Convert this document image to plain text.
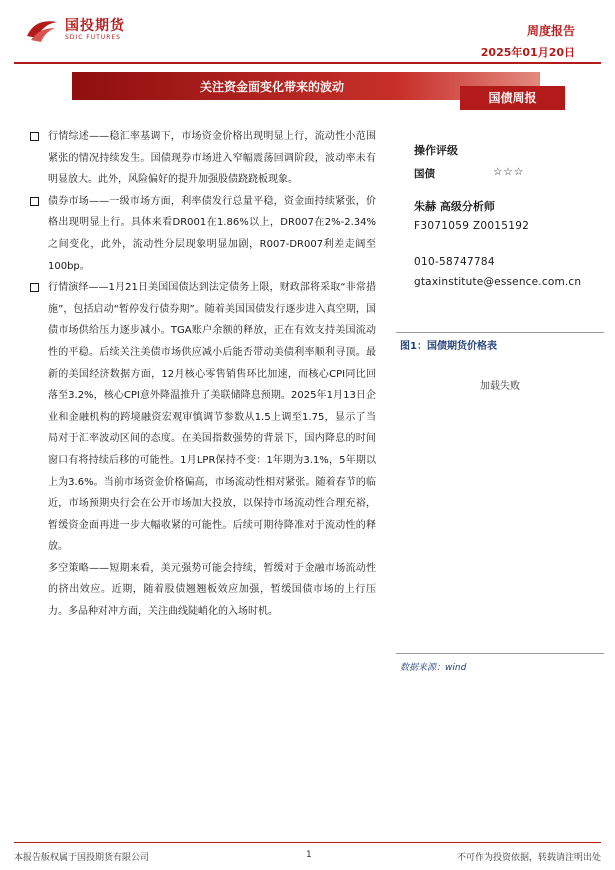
国投期货
SDIC FUTURES	周度报告
2025年01月20日
关注资金面变化带来的波动
国债周报
行情综述——稳汇率基调下，市场资金价格出现明显上行，流动性小范围紧张的情况持续发生。国债现券市场进入窄幅震荡回调阶段，波动率未有明显放大。此外，风险偏好的提升加强股债跷跷板现象。
债券市场——一级市场方面，利率债发行总量平稳，资金面持续紧张，价格出现明显上行。具体来看DR001在1.86%以上，DR007在2%-2.34%之间变化，此外，流动性分层现象明显加剧，R007-DR007利差走阔至100bp。
行情演绎——1月21日美国国债达到法定债务上限，财政部将采取“非常措施”，包括启动“暂停发行债券期”。随着美国国债发行逐步进入真空期，国债市场供给压力逐步减小。TGA账户余额的释放，正在有效支持美国流动性的平稳。后续关注美债市场供应减小后能否带动美债利率顺利寻顶。最新的美国经济数据方面，12月核心零售销售环比加速，而核心CPI同比回落至3.2%，核心CPI意外降温推升了美联储降息预期。2025年1月13日企业和金融机构的跨境融资宏观审慎调节参数从1.5上调至1.75，显示了当局对于汇率波动区间的态度。在美国指数强势的背景下，国内降息的时间窗口有将持续后移的可能性。1月LPR保持不变：1年期为3.1%，5年期以上为3.6%。当前市场资金价格偏高，市场流动性相对紧张。随着春节的临近，市场预期央行会在公开市场加大投放，以保持市场流动性合理充裕，暂缓资金面再进一步大幅收紧的可能性。后续可期待降准对于流动性的释放。
多空策略——短期来看，美元强势可能会持续，暂缓对于金融市场流动性的挤出效应。近期，随着股债翘翘板效应加强，暂缓国债市场的上行压力。多品种对冲方面，关注曲线陡峭化的入场时机。
操作评级
国债	☆☆☆
朱赫 高级分析师
F3071059 Z0015192
010-58747784
gtaxinstitute@essence.com.cn
图1：国债期货价格表
加载失败
数据来源：wind
本报告版权属于国投期货有限公司	1	不可作为投资依据，转载请注明出处
